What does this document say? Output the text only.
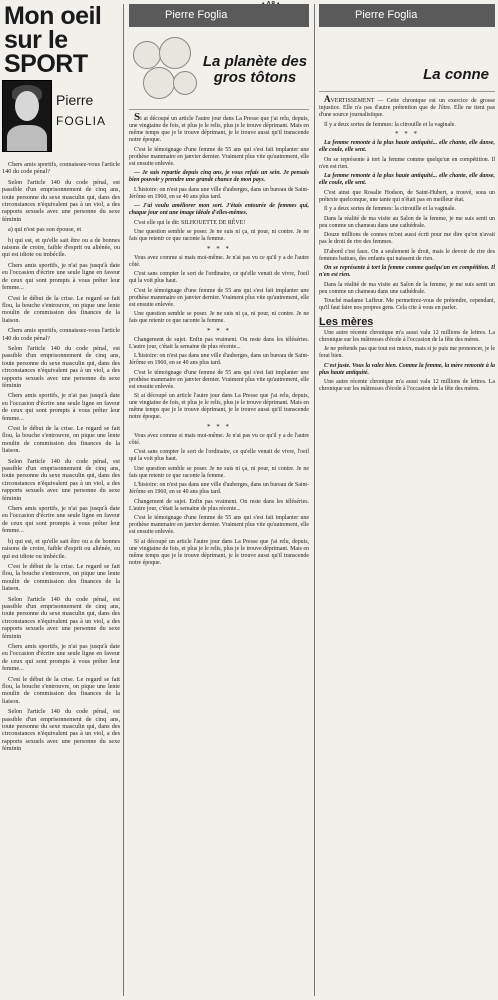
Mon oeil sur le SPORT
Pierre
FOGLIA

Chers amis sportifs, connaissez-vous l'article 140 du code pénal?

Selon l'article 140 du code pénal, est passible d'un emprisonnement de cinq ans, toute personne du sexe masculin qui, dans des circonstances n'équivalent pas à un viol, a des rapports sexuels avec une personne du sexe féminin

a) qui n'est pas son épouse, et

b) qui est, et qu'elle sait être ou a de bonnes raisons de croire, faible d'esprit ou aliénée, ou qui est idiote ou imbécile.

Chers amis sportifs, je n'ai pas jusqu'à date eu l'occasion d'écrire une seule ligne en faveur de ceux qui sont prompts à vous prêter leur femme...

C'est le début de la crise. Le regard se fait flou, la bouche s'entrouvre, on pique une lente moulin de commission des finances de la liaison.

Chers amis sportifs, connaissez-vous l'article 140 du code pénal?

Selon l'article 140 du code pénal, est passible d'un emprisonnement de cinq ans, toute personne du sexe masculin qui, dans des circonstances n'équivalent pas à un viol, a des rapports sexuels avec une personne du sexe féminin

Chers amis sportifs, je n'ai pas jusqu'à date eu l'occasion d'écrire une seule ligne en faveur de ceux qui sont prompts à vous prêter leur femme...

C'est le début de la crise. Le regard se fait flou, la bouche s'entrouvre, on pique une lente moulin de commission des finances de la liaison.

Selon l'article 140 du code pénal, est passible d'un emprisonnement de cinq ans, toute personne du sexe masculin qui, dans des circonstances n'équivalent pas à un viol, a des rapports sexuels avec une personne du sexe féminin

Chers amis sportifs, je n'ai pas jusqu'à date eu l'occasion d'écrire une seule ligne en faveur de ceux qui sont prompts à vous prêter leur femme...

b) qui est, et qu'elle sait être ou a de bonnes raisons de croire, faible d'esprit ou aliénée, ou qui est idiote ou imbécile.

C'est le début de la crise. Le regard se fait flou, la bouche s'entrouvre, on pique une lente moulin de commission des finances de la liaison.

Selon l'article 140 du code pénal, est passible d'un emprisonnement de cinq ans, toute personne du sexe masculin qui, dans des circonstances n'équivalent pas à un viol, a des rapports sexuels avec une personne du sexe féminin

Chers amis sportifs, je n'ai pas jusqu'à date eu l'occasion d'écrire une seule ligne en faveur de ceux qui sont prompts à vous prêter leur femme...

C'est le début de la crise. Le regard se fait flou, la bouche s'entrouvre, on pique une lente moulin de commission des finances de la liaison.

Selon l'article 140 du code pénal, est passible d'un emprisonnement de cinq ans, toute personne du sexe masculin qui, dans des circonstances n'équivalent pas à un viol, a des rapports sexuels avec une personne du sexe féminin

Pierre Foglia
La planète des gros tôtons

Si ai découpé un article l'autre jour dans La Presse que j'ai relu, depuis, une vingtaine de fois, et plus je le relis, plus je le trouve déprimant. Mais en même temps que je le trouve déprimant, je le trouve aussi qu'il transcende notre époque.

C'est le témoignage d'une femme de 55 ans qui s'est fait implanter une prothèse mammaire en janvier dernier. Vraiment plus vite qu'autrement, elle est ensuite enlevée.

— Je suis repartie depuis cinq ans, je vous refais un sein. Je pensais bien pouvoir y prendre une grande chance de mon pays.

L'histoire: on n'est pas dans une ville d'auberges, dans un bureau de Saint-Jérôme en 1960, en se 40 ans plus tard.

— J'ai voulu améliorer mon sort. J'étais entourée de femmes qui, chaque jour ont une image idéale d'elles-mêmes.

C'est elle qui le dit: SILHOUETTE DE RÊVE!

Une question semble se poser. Je ne suis ni ça, ni pour, ni contre. Je ne fais que retenir ce que raconte la femme.

* * *

Vous avez comme si mais moi-même. Je n'ai pas vu ce qu'il y a de l'autre côté.

C'est sans compter le sort de l'ordinaire, ce qu'elle venait de vivre, l'oeil qui la voit plus haut.

C'est le témoignage d'une femme de 55 ans qui s'est fait implanter une prothèse mammaire en janvier dernier. Vraiment plus vite qu'autrement, elle est ensuite enlevée.

Une question semble se poser. Je ne suis ni ça, ni pour, ni contre. Je ne fais que retenir ce que raconte la femme.

* * *

Changement de sujet. Enfin pas vraiment. On reste dans les téléséries. L'autre jour, c'était la semaine de plus récente...

L'histoire: on n'est pas dans une ville d'auberges, dans un bureau de Saint-Jérôme en 1960, en se 40 ans plus tard.

C'est le témoignage d'une femme de 55 ans qui s'est fait implanter une prothèse mammaire en janvier dernier. Vraiment plus vite qu'autrement, elle est ensuite enlevée.

Si ai découpé un article l'autre jour dans La Presse que j'ai relu, depuis, une vingtaine de fois, et plus je le relis, plus je le trouve déprimant. Mais en même temps que je le trouve déprimant, je le trouve aussi qu'il transcende notre époque.

* * *

Vous avez comme si mais moi-même. Je n'ai pas vu ce qu'il y a de l'autre côté.

C'est sans compter le sort de l'ordinaire, ce qu'elle venait de vivre, l'oeil qui la voit plus haut.

Une question semble se poser. Je ne suis ni ça, ni pour, ni contre. Je ne fais que retenir ce que raconte la femme.

L'histoire: on n'est pas dans une ville d'auberges, dans un bureau de Saint-Jérôme en 1960, en se 40 ans plus tard.

Changement de sujet. Enfin pas vraiment. On reste dans les téléséries. L'autre jour, c'était la semaine de plus récente...

C'est le témoignage d'une femme de 55 ans qui s'est fait implanter une prothèse mammaire en janvier dernier. Vraiment plus vite qu'autrement, elle est ensuite enlevée.

Si ai découpé un article l'autre jour dans La Presse que j'ai relu, depuis, une vingtaine de fois, et plus je le relis, plus je le trouve déprimant. Mais en même temps que je le trouve déprimant, je le trouve aussi qu'il transcende notre époque.

Pierre Foglia
La conne

AVERTISSEMENT — Cette chronique est un exercice de grosse injustice. Elle n'a pas d'autre prétention que de l'être. Elle ne tient pas d'une source journalistique.

Il y a deux sortes de femmes: la citrouille et la vaginale.

* * *

La femme remonte à la plus haute antiquité... elle chante, elle danse, elle coule, elle sent.

On se représente à tort la femme comme quelqu'un en compétition. Il n'en est rien.

La femme remonte à la plus haute antiquité... elle chante, elle danse, elle coule, elle sent.

C'est ainsi que Rosalie Hodson, de Saint-Hubert, a trouvé, sous un prétexte quelconque, une tante qui n'était pas en meilleur état.

Il y a deux sortes de femmes: la citrouille et la vaginale.

Dans la réalité de ma visite au Salon de la femme, je me suis senti un peu comme un chameau dans une cathédrale.

Douze millions de connes m'ont aussi écrit pour me dire qu'on n'avait pas le droit de rire des femmes.

D'abord c'est faux. On a seulement le droit, mais le devoir de rire des femmes battues, des enfants qui naissent de rien.

On se représente à tort la femme comme quelqu'un en compétition. Il n'en est rien.

Dans la réalité de ma visite au Salon de la femme, je me suis senti un peu comme un chameau dans une cathédrale.

Touché madame Laffeur. Me permettrez-vous de prétendre, cependant, qu'il faut faire nos propres gens. Cela cite à vous en parler.

Les mères

Une autre récente chronique m'a aussi valu 12 millions de lettres. La chronique sur les mâtresses d'école à l'occasion de la fête des mères.

Je ne prétends pas que tout est mieux, mais si je puis me prononcer, je le ferai bien.

C'est juste. Vous la valez bien. Comme la femme, la mère remonte à la plus haute antiquité.

Une autre récente chronique m'a aussi valu 12 millions de lettres. La chronique sur les mâtresses d'école à l'occasion de la fête des mères.
